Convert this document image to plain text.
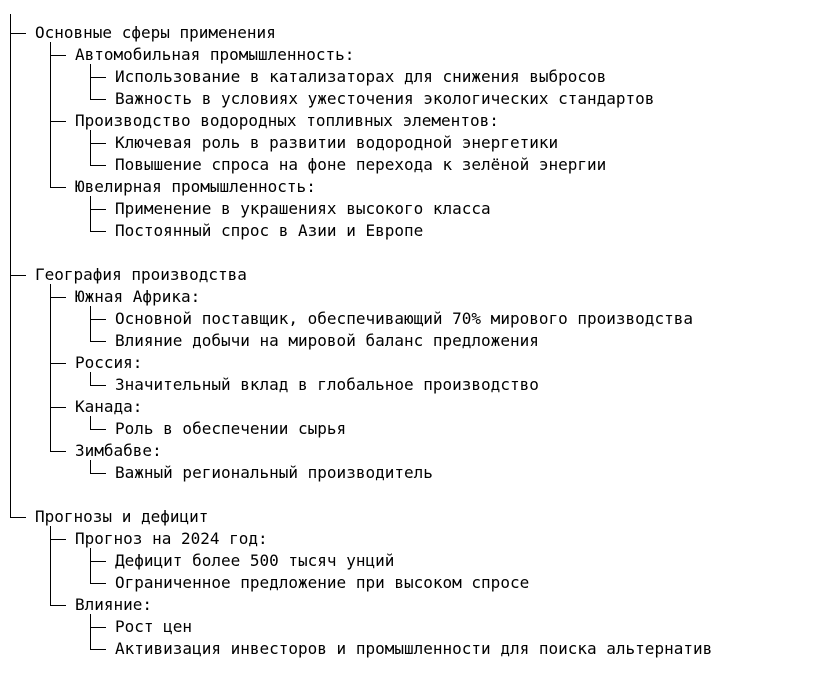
Основные сферы применения
Автомобильная промышленность:
Использование в катализаторах для снижения выбросов
Важность в условиях ужесточения экологических стандартов
Производство водородных топливных элементов:
Ключевая роль в развитии водородной энергетики
Повышение спроса на фоне перехода к зелёной энергии
Ювелирная промышленность:
Применение в украшениях высокого класса
Постоянный спрос в Азии и Европе
География производства
Южная Африка:
Основной поставщик, обеспечивающий 70% мирового производства
Влияние добычи на мировой баланс предложения
Россия:
Значительный вклад в глобальное производство
Канада:
Роль в обеспечении сырья
Зимбабве:
Важный региональный производитель
Прогнозы и дефицит
Прогноз на 2024 год:
Дефицит более 500 тысяч унций
Ограниченное предложение при высоком спросе
Влияние:
Рост цен
Активизация инвесторов и промышленности для поиска альтернатив
